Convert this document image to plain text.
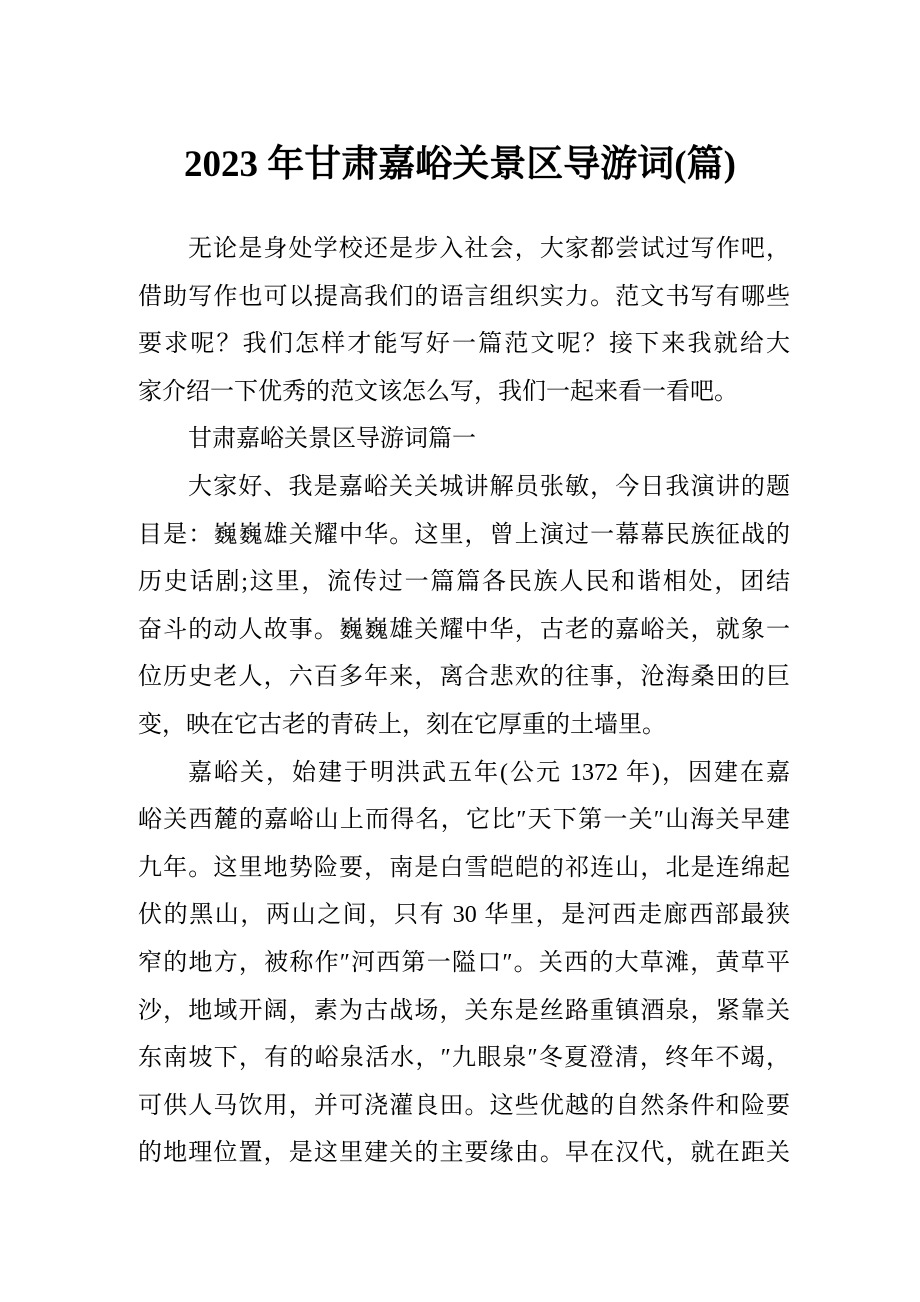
2023 年甘肃嘉峪关景区导游词(篇)
无论是身处学校还是步入社会，大家都尝试过写作吧，
借助写作也可以提高我们的语言组织实力。范文书写有哪些
要求呢？我们怎样才能写好一篇范文呢？接下来我就给大
家介绍一下优秀的范文该怎么写，我们一起来看一看吧。
甘肃嘉峪关景区导游词篇一
大家好、我是嘉峪关关城讲解员张敏，今日我演讲的题
目是：巍巍雄关耀中华。这里，曾上演过一幕幕民族征战的
历史话剧;这里，流传过一篇篇各民族人民和谐相处，团结
奋斗的动人故事。巍巍雄关耀中华，古老的嘉峪关，就象一
位历史老人，六百多年来，离合悲欢的往事，沧海桑田的巨
变，映在它古老的青砖上，刻在它厚重的土墙里。
嘉峪关，始建于明洪武五年(公元 1372 年)，因建在嘉
峪关西麓的嘉峪山上而得名，它比″天下第一关″山海关早建
九年。这里地势险要，南是白雪皑皑的祁连山，北是连绵起
伏的黑山，两山之间，只有 30 华里，是河西走廊西部最狭
窄的地方，被称作″河西第一隘口″。关西的大草滩，黄草平
沙，地域开阔，素为古战场，关东是丝路重镇酒泉，紧靠关
东南坡下，有的峪泉活水，″九眼泉″冬夏澄清，终年不竭，
可供人马饮用，并可浇灌良田。这些优越的自然条件和险要
的地理位置，是这里建关的主要缘由。早在汉代，就在距关
